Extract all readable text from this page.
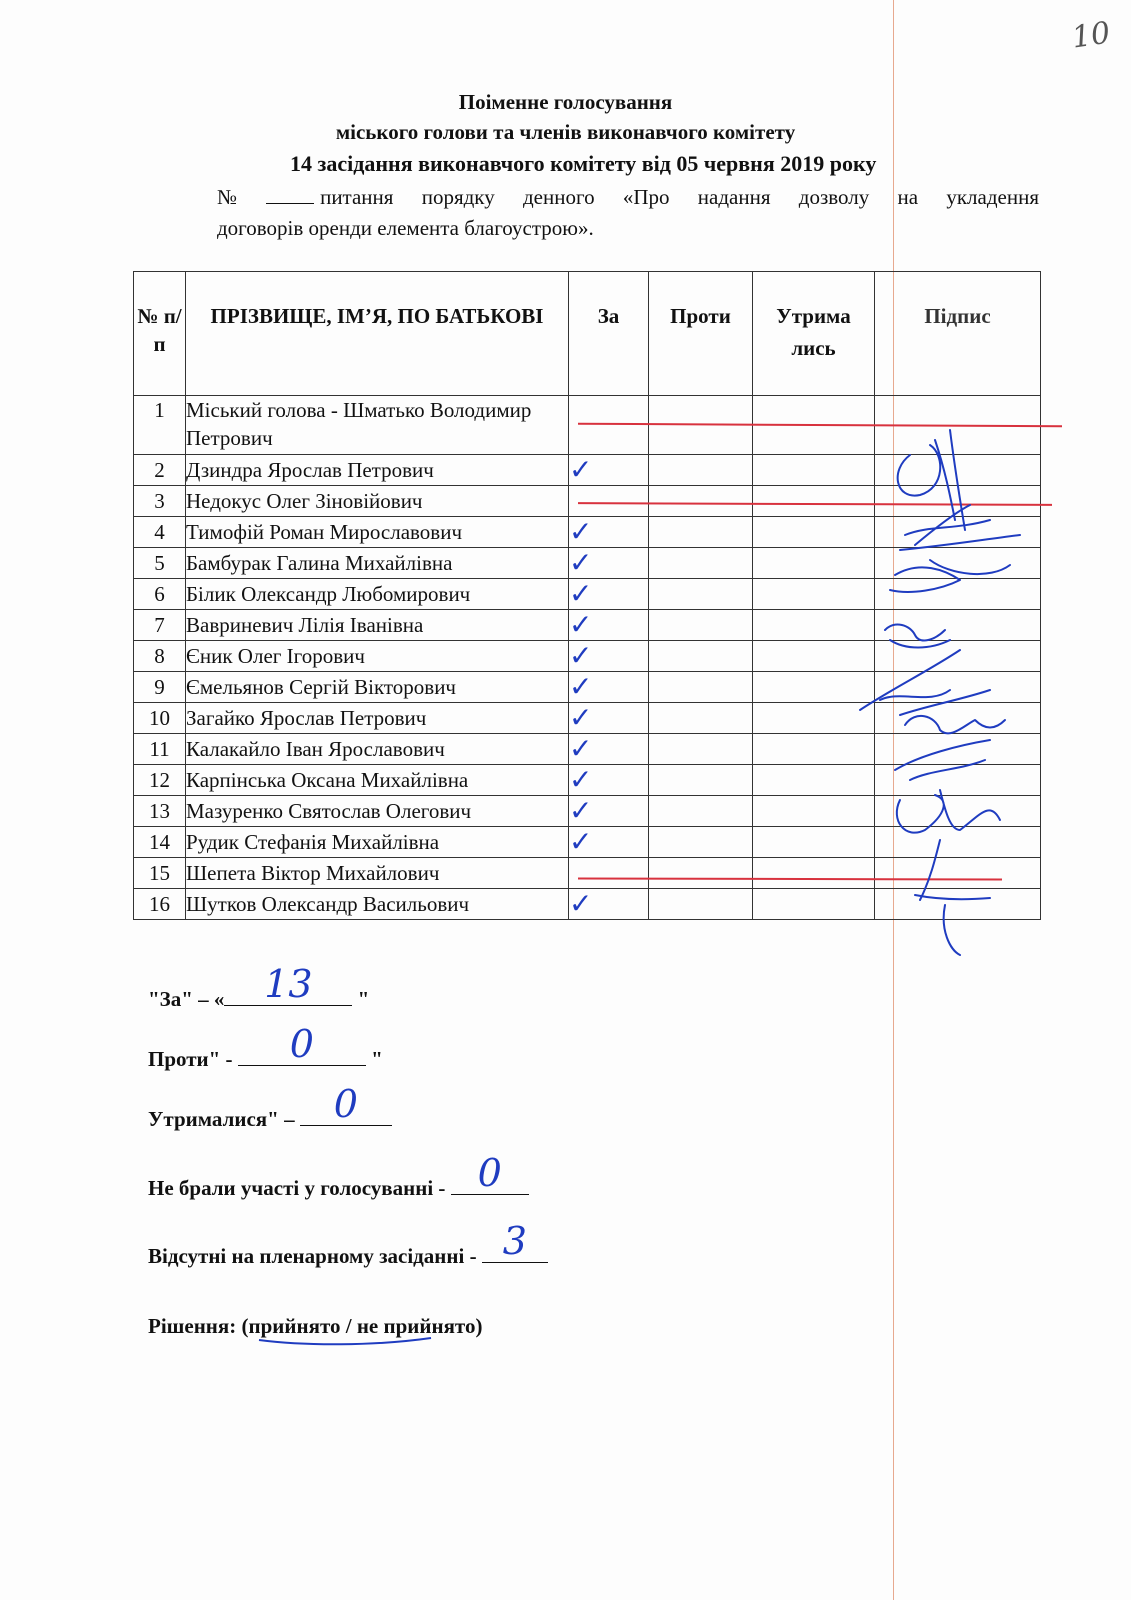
10
Поіменне голосування
міського голови та членів виконавчого комітету
14 засідання виконавчого комітету від 05 червня 2019 року
№	питання порядку денного «Про надання дозволу на укладення
договорів оренди елемента благоустрою».
№ п/п	ПРІЗВИЩЕ, ІМ’Я, ПО БАТЬКОВІ	За	Проти	Утрима лись	Підпис
1	Міський голова - Шматько Володимир Петрович				
2	Дзиндра Ярослав Петрович	✓			
3	Недокус Олег Зіновійович				
4	Тимофій Роман Мирославович	✓			
5	Бамбурак Галина Михайлівна	✓			
6	Білик Олександр Любомирович	✓			
7	Вавриневич Лілія Іванівна	✓			
8	Єник Олег Ігорович	✓			
9	Ємельянов Сергій Вікторович	✓			
10	Загайко Ярослав Петрович	✓			
11	Калакайло Іван Ярославович	✓			
12	Карпінська Оксана Михайлівна	✓			
13	Мазуренко Святослав Олегович	✓			
14	Рудик Стефанія Михайлівна	✓			
15	Шепета Віктор Михайлович				
16	Шутков Олександр Васильович	✓			
"За" – «	13	"
Проти" -	0	"
Утрималися" – 0
Не брали участі у голосуванні - 0
Відсутні на пленарному засіданні - 3
Рішення: (прийнято / не прийнято)
